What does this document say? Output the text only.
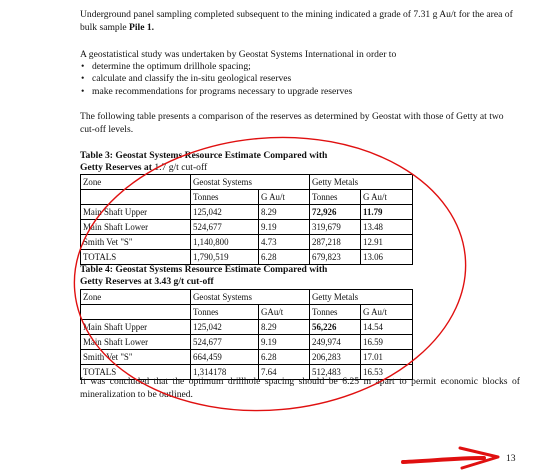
Underground panel sampling completed subsequent to the mining indicated a grade of 7.31 g Au/t for the area of bulk sample Pile 1.

A geostatistical study was undertaken by Geostat Systems International in order to

• determine the optimum drillhole spacing;
• calculate and classify the in-situ geological reserves
• make recommendations for programs necessary to upgrade reserves

The following table presents a comparison of the reserves as determined by Geostat with those of Getty at two cut-off levels.

Table 3: Geostat Systems Resource Estimate Compared with
Getty Reserves at 1.7 g/t cut-off
Zone	Geostat Systems		Getty Metals	
	Tonnes	G Au/t	Tonnes	G Au/t
Main Shaft Upper	125,042	8.29	72,926	11.79
Main Shaft Lower	524,677	9.19	319,679	13.48
Smith Vet "S"	1,140,800	4.73	287,218	12.91
TOTALS	1,790,519	6.28	679,823	13.06
Table 4: Geostat Systems Resource Estimate Compared with
Getty Reserves at 3.43 g/t cut-off
Zone	Geostat Systems		Getty Metals	
	Tonnes	GAu/t	Tonnes	G Au/t
Main Shaft Upper	125,042	8.29	56,226	14.54
Main Shaft Lower	524,677	9.19	249,974	16.59
Smith Vet "S"	664,459	6.28	206,283	17.01
TOTALS	1,314178	7.64	512,483	16.53

It was concluded that the optimum drillhole spacing should be 6.25 m apart to permit economic blocks of mineralization to be outlined.

13
